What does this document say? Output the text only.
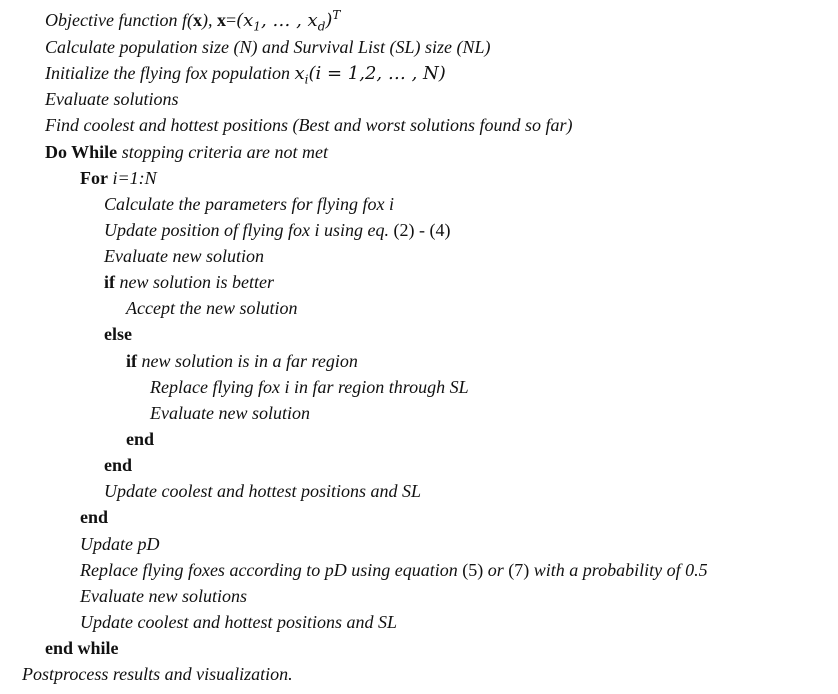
Objective function f(x), $x=(x_1$, … , $x_d)^T$
Calculate population size (N) and Survival List (SL) size (NL)
Initialize the flying fox population $x_i(i = 1,2$, … , N)
Evaluate solutions
Find coolest and hottest positions (Best and worst solutions found so far)
Do While stopping criteria are not met
For i=1:N
Calculate the parameters for flying fox i
Update position of flying fox i using eq. (2) - (4)
Evaluate new solution
if new solution is better
Accept the new solution
else
if new solution is in a far region
Replace flying fox i in far region through SL
Evaluate new solution
end
end
Update coolest and hottest positions and SL
end
Update pD
Replace flying foxes according to pD using equation (5) or (7) with a probability of 0.5
Evaluate new solutions
Update coolest and hottest positions and SL
end while
Postprocess results and visualization.
